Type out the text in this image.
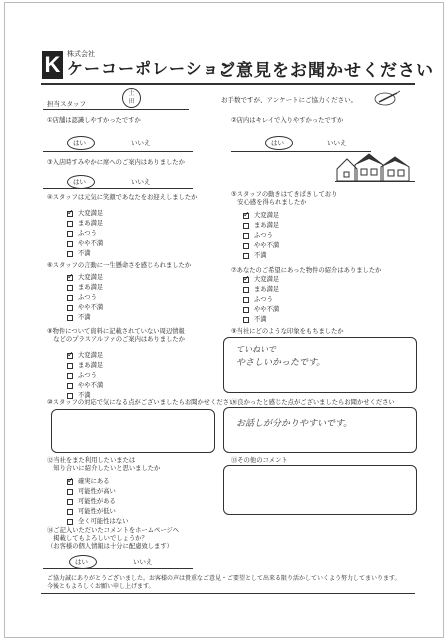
K 株式会社
ケーコーポレーション
ご意見をお聞かせください
担当スタッフ
土田	お手数ですが、アンケートにご協力ください。
①店舗は認識しやすかったですか
はい	いいえ
②店内はキレイで入りやすかったですか
はい	いいえ
③入店時すみやかに席へのご案内はありましたか
はい	いいえ
④スタッフは元気に笑顔であなたをお迎えしましたか
✓
大変満足
まあ満足
ふつう
やや不満
不満
⑤スタッフの動きはてきぱきしており
　安心感を得られましたか
✓
大変満足
まあ満足
ふつう
やや不満
不満
⑥スタッフの言動に一生懸命さを感じられましたか
✓
大変満足
まあ満足
ふつう
やや不満
不満
⑦あなたのご希望にあった物件の紹介はありましたか
✓
大変満足
まあ満足
ふつう
やや不満
不満
⑧物件について資料に記載されていない周辺情報
　などのプラスアルファのご案内はありましたか
✓
大変満足
まあ満足
ふつう
やや不満
不満
⑨当社にどのような印象をもちましたか
ていねいで
やさしいかったです。
⑩スタッフの対応で気になる点がございましたらお聞かせください
⑪良かったと感じた点がございましたらお聞かせください
お話しが分かりやすいです。
⑫当社をまた利用したいまたは
　知り合いに紹介したいと思いましたか
✓
確実にある
可能性が高い
可能性がある
可能性が低い
全く可能性はない
⑬その他のコメント
⑭ご記入いただいたコメントをホームページへ
　掲載してもよろしいでしょうか？
（お客様の個人情報は十分に配慮致します）
はい	いいえ
ご協力誠にありがとうございました。お客様の声は貴重なご意見・ご要望として出来る限り活かしていくよう努力してまいります。
今後ともよろしくお願い申し上げます。
